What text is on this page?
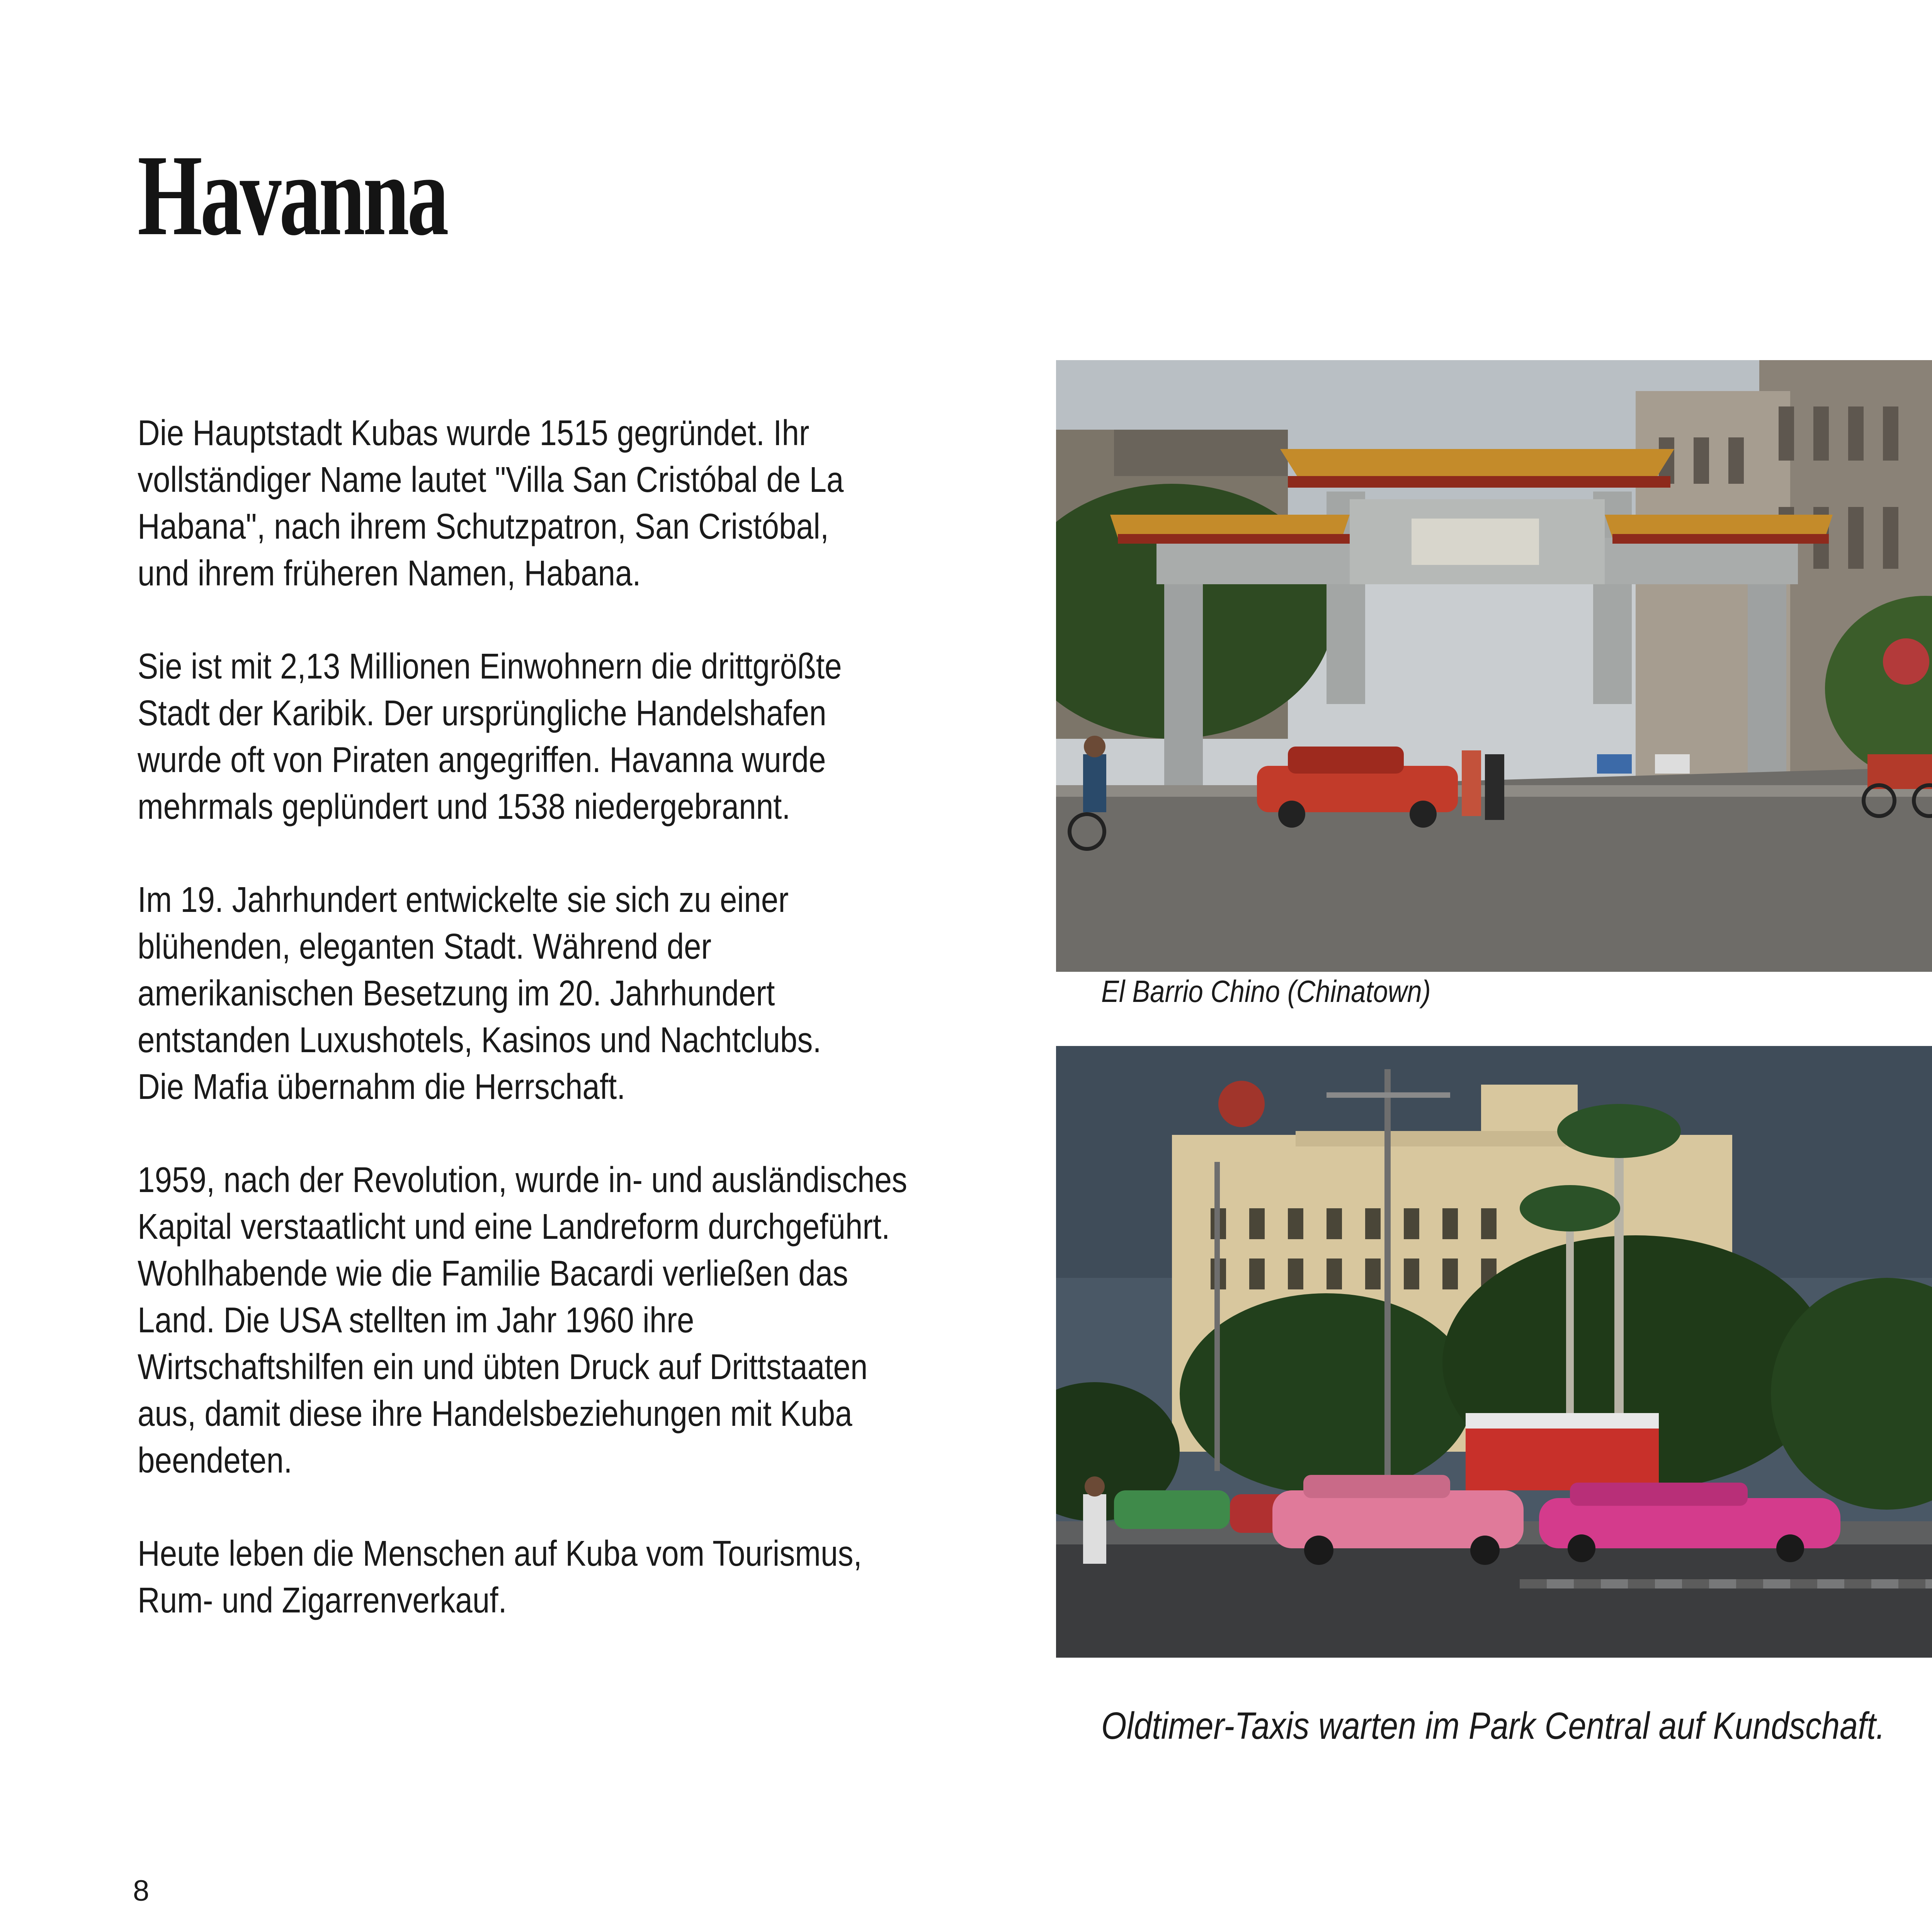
Havanna

Die Hauptstadt Kubas wurde 1515 gegründet. Ihr
vollständiger Name lautet "Villa San Cristóbal de La
Habana", nach ihrem Schutzpatron, San Cristóbal,
und ihrem früheren Namen, Habana.

Sie ist mit 2,13 Millionen Einwohnern die drittgrößte
Stadt der Karibik. Der ursprüngliche Handelshafen
wurde oft von Piraten angegriffen. Havanna wurde
mehrmals geplündert und 1538 niedergebrannt.

Im 19. Jahrhundert entwickelte sie sich zu einer
blühenden, eleganten Stadt. Während der
amerikanischen Besetzung im 20. Jahrhundert
entstanden Luxushotels, Kasinos und Nachtclubs.
Die Mafia übernahm die Herrschaft.

1959, nach der Revolution, wurde in- und ausländisches
Kapital verstaatlicht und eine Landreform durchgeführt.
Wohlhabende wie die Familie Bacardi verließen das
Land. Die USA stellten im Jahr 1960 ihre
Wirtschaftshilfen ein und übten Druck auf Drittstaaten
aus, damit diese ihre Handelsbeziehungen mit Kuba
beendeten.

Heute leben die Menschen auf Kuba vom Tourismus,
Rum- und Zigarrenverkauf.

El Barrio Chino (Chinatown)
Oldtimer-Taxis warten im Park Central auf Kundschaft.
8
